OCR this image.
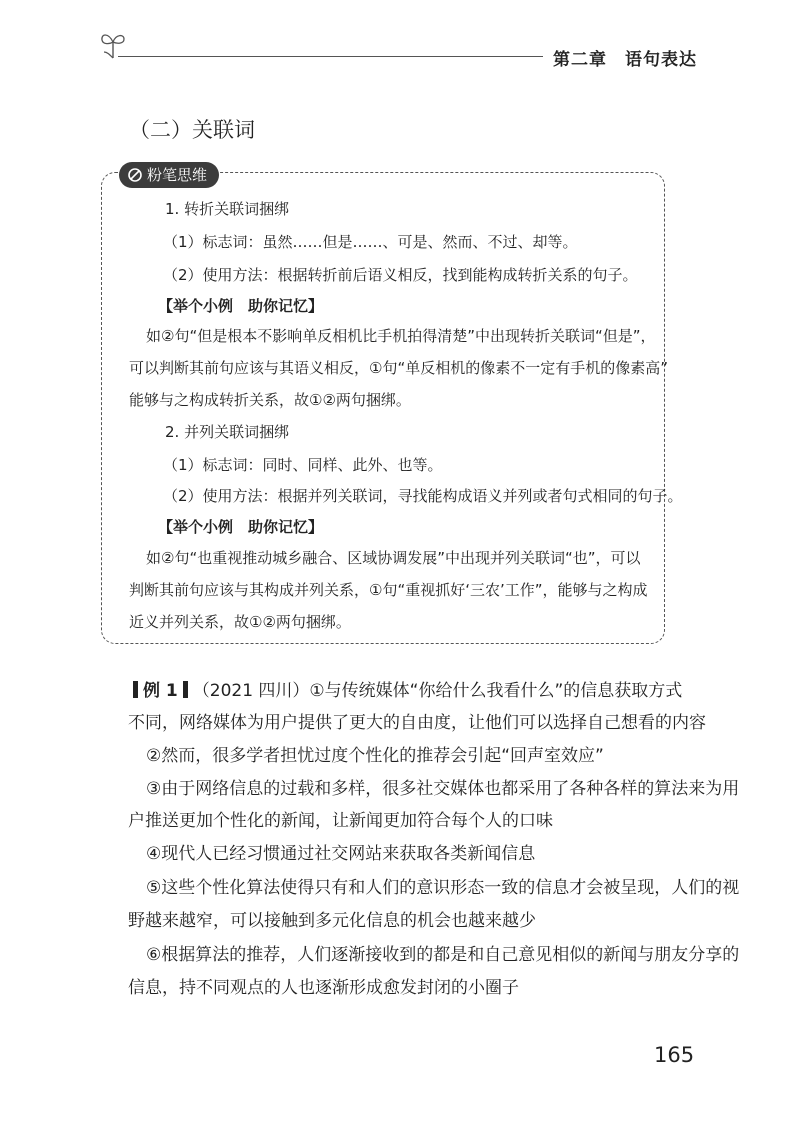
第二章 语句表达
（二）关联词
粉笔思维
1. 转折关联词捆绑
（1）标志词：虽然……但是……、可是、然而、不过、却等。
（2）使用方法：根据转折前后语义相反，找到能构成转折关系的句子。
【举个小例　助你记忆】
如②句“但是根本不影响单反相机比手机拍得清楚”中出现转折关联词“但是”，
可以判断其前句应该与其语义相反，①句“单反相机的像素不一定有手机的像素高”
能够与之构成转折关系，故①②两句捆绑。
2. 并列关联词捆绑
（1）标志词：同时、同样、此外、也等。
（2）使用方法：根据并列关联词，寻找能构成语义并列或者句式相同的句子。
【举个小例　助你记忆】
如②句“也重视推动城乡融合、区域协调发展”中出现并列关联词“也”，可以
判断其前句应该与其构成并列关系，①句“重视抓好‘三农’工作”，能够与之构成
近义并列关系，故①②两句捆绑。
例 1 （2021 四川）①与传统媒体“你给什么我看什么”的信息获取方式
不同，网络媒体为用户提供了更大的自由度，让他们可以选择自己想看的内容
②然而，很多学者担忧过度个性化的推荐会引起“回声室效应”
③由于网络信息的过载和多样，很多社交媒体也都采用了各种各样的算法来为用
户推送更加个性化的新闻，让新闻更加符合每个人的口味
④现代人已经习惯通过社交网站来获取各类新闻信息
⑤这些个性化算法使得只有和人们的意识形态一致的信息才会被呈现，人们的视
野越来越窄，可以接触到多元化信息的机会也越来越少
⑥根据算法的推荐，人们逐渐接收到的都是和自己意见相似的新闻与朋友分享的
信息，持不同观点的人也逐渐形成愈发封闭的小圈子
165
